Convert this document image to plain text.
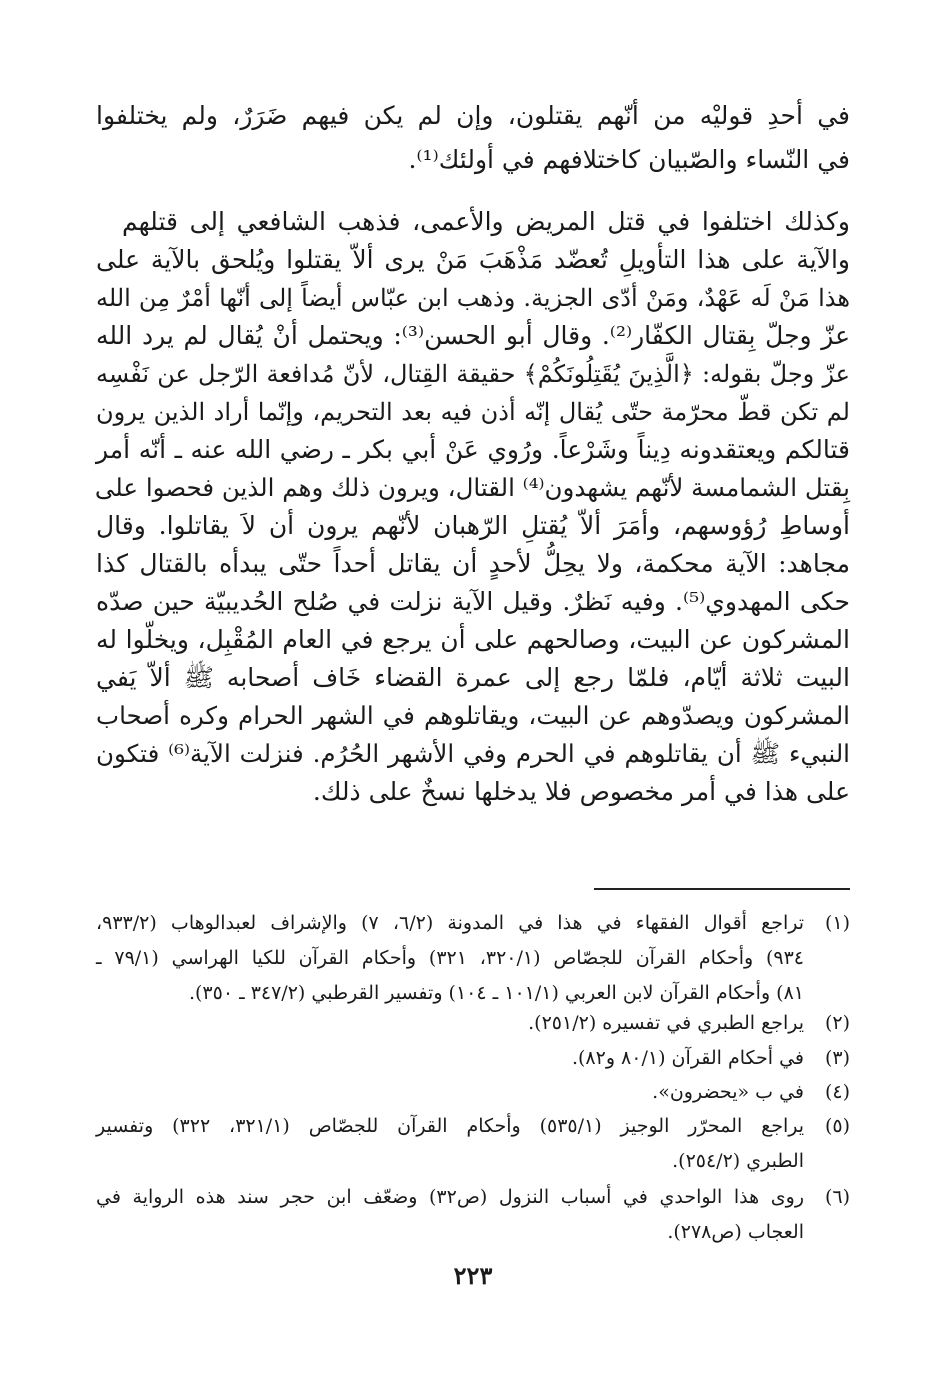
في أحدِ قوليْه من أنّهم يقتلون، وإن لم يكن فيهم ضَرَرٌ، ولم يختلفوا
في النّساء والصّبيان كاختلافهم في أولئك⁽¹⁾.
وكذلك اختلفوا في قتل المريض والأعمى، فذهب الشافعي إلى قتلهم
والآية على هذا التأويلِ تُعضّد مَذْهَبَ مَنْ يرى ألاّ يقتلوا ويُلحق بالآية على
هذا مَنْ لَه عَهْدٌ، ومَنْ أدّى الجزية. وذهب ابن عبّاس أيضاً إلى أنّها أمْرٌ مِن الله
عزّ وجلّ بِقتال الكفّار⁽²⁾. وقال أبو الحسن⁽³⁾: ويحتمل أنْ يُقال لم يرد الله
عزّ وجلّ بقوله: ﴿الَّذِينَ يُقَتِلُونَكُمْ﴾ حقيقة القِتال، لأنّ مُدافعة الرّجل عن نَفْسِه
لم تكن قطّ محرّمة حتّى يُقال إنّه أذن فيه بعد التحريم، وإنّما أراد الذين يرون
قتالكم ويعتقدونه دِيناً وشَرْعاً. ورُوي عَنْ أبي بكر ـ رضي الله عنه ـ أنّه أمر
بِقتل الشمامسة لأنّهم يشهدون⁽⁴⁾ القتال، ويرون ذلك وهم الذين فحصوا على
أوساطِ رُؤوسهم، وأمَرَ ألاّ يُقتلِ الرّهبان لأنّهم يرون أن لاَ يقاتلوا. وقال
مجاهد: الآية محكمة، ولا يحِلُّ لأحدٍ أن يقاتل أحداً حتّى يبدأه بالقتال كذا
حكى المهدوي⁽⁵⁾. وفيه نَظرٌ. وقيل الآية نزلت في صُلح الحُديبيّة حين صدّه
المشركون عن البيت، وصالحهم على أن يرجع في العام المُقْبِل، ويخلّوا له
البيت ثلاثة أيّام، فلمّا رجع إلى عمرة القضاء خَاف أصحابه ﷺ ألاّ يَفي
المشركون ويصدّوهم عن البيت، ويقاتلوهم في الشهر الحرام وكره أصحاب
النبيء ﷺ أن يقاتلوهم في الحرم وفي الأشهر الحُرُم. فنزلت الآية⁽⁶⁾ فتكون
على هذا في أمر مخصوص فلا يدخلها نسخٌ على ذلك.
(١)
تراجع أقوال الفقهاء في هذا في المدونة (٦/٢، ٧) والإشراف لعبدالوهاب (٩٣٣/٢،
٩٣٤) وأحكام القرآن للجصّاص (٣٢٠/١، ٣٢١) وأحكام القرآن للكيا الهراسي (٧٩/١ ـ
٨١) وأحكام القرآن لابن العربي (١٠١/١ ـ ١٠٤) وتفسير القرطبي (٣٤٧/٢ ـ ٣٥٠).
(٢)
يراجع الطبري في تفسيره (٢٥١/٢).
(٣)
في أحكام القرآن (٨٠/١ و٨٢).
(٤)
في ب «يحضرون».
(٥)
يراجع المحرّر الوجيز (٥٣٥/١) وأحكام القرآن للجصّاص (٣٢١/١، ٣٢٢) وتفسير
الطبري (٢٥٤/٢).
(٦)
روى هذا الواحدي في أسباب النزول (ص٣٢) وضعّف ابن حجر سند هذه الرواية في
العجاب (ص٢٧٨).
٢٢٣
